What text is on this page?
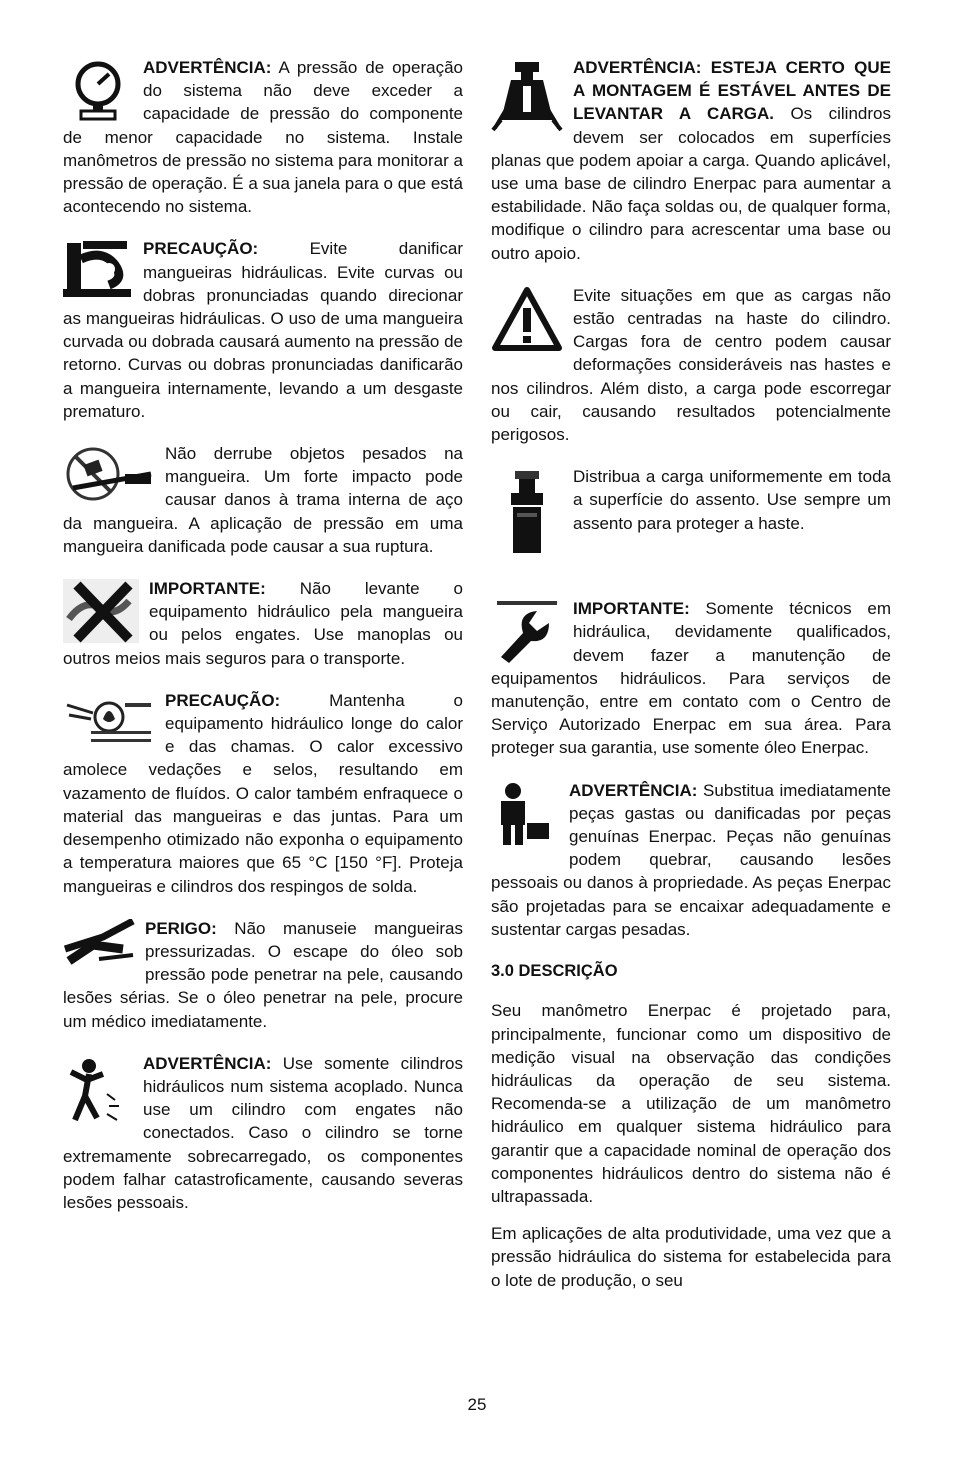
ADVERTÊNCIA: A pressão de operação do sistema não deve exceder a capacidade de pressão do componente de menor capacidade no sistema. Instale manômetros de pressão no sistema para monitorar a pressão de operação. É a sua janela para o que está acontecendo no sistema.

PRECAUÇÃO:	Evite danificar mangueiras hidráulicas. Evite curvas ou dobras pronunciadas quando direcionar as mangueiras hidráulicas. O uso de uma mangueira curvada ou dobrada causará aumento na pressão de retorno. Curvas ou dobras pronunciadas danificarão a mangueira internamente, levando a um desgaste prematuro.

Não derrube objetos pesados na mangueira. Um forte impacto pode causar danos à trama interna de aço da mangueira. A aplicação de pressão em uma mangueira danificada pode causar a sua ruptura.

IMPORTANTE: Não levante o equipamento hidráulico pela mangueira ou pelos engates. Use manoplas ou outros meios mais seguros para o transporte.

PRECAUÇÃO:	Mantenha o equipamento hidráulico longe do calor e das chamas. O calor excessivo amolece vedações e selos, resultando em vazamento de fluídos. O calor também enfraquece o material das mangueiras e das juntas. Para um desempenho otimizado não exponha o equipamento a temperatura maiores que 65 °C [150 °F]. Proteja mangueiras e cilindros dos respingos de solda.

PERIGO: Não manuseie mangueiras pressurizadas. O escape do óleo sob pressão pode penetrar na pele, causando lesões sérias. Se o óleo penetrar na pele, procure um médico imediatamente.

ADVERTÊNCIA: Use somente cilindros hidráulicos num sistema acoplado. Nunca use um cilindro com engates não conectados. Caso o cilindro se torne extremamente sobrecarregado, os componentes podem falhar catastroficamente, causando severas lesões pessoais.

ADVERTÊNCIA: ESTEJA CERTO QUE A MONTAGEM É ESTÁVEL ANTES DE LEVANTAR A CARGA. Os cilindros devem ser colocados em superfícies planas que podem apoiar a carga. Quando aplicável, use uma base de cilindro Enerpac para aumentar a estabilidade. Não faça soldas ou, de qualquer forma, modifique o cilindro para acrescentar uma base ou outro apoio.

Evite situações em que as cargas não estão centradas na haste do cilindro. Cargas fora de centro podem causar deformações consideráveis nas hastes e nos cilindros. Além disto, a carga pode escorregar ou cair, causando resultados potencialmente perigosos.

Distribua a carga uniformemente em toda a superfície do assento. Use sempre um assento para proteger a haste.

IMPORTANTE: Somente técnicos em hidráulica, devidamente qualificados, devem fazer a manutenção de equipamentos hidráulicos. Para serviços de manutenção, entre em contato com o Centro de Serviço Autorizado Enerpac em sua área. Para proteger sua garantia, use somente óleo Enerpac.

ADVERTÊNCIA: Substitua imediatamente peças gastas ou danificadas por peças genuínas Enerpac. Peças não genuínas podem quebrar, causando lesões pessoais ou danos à propriedade. As peças Enerpac são projetadas para se encaixar adequadamente e sustentar cargas pesadas.

3.0 DESCRIÇÃO

Seu manômetro Enerpac é projetado para, principalmente, funcionar como um dispositivo de medição visual na observação das condições hidráulicas da operação de seu sistema. Recomenda-se a utilização de um manômetro hidráulico em qualquer sistema hidráulico para garantir que a capacidade nominal de operação dos componentes hidráulicos dentro do sistema não é ultrapassada.

Em aplicações de alta produtividade, uma vez que a pressão hidráulica do sistema for estabelecida para o lote de produção, o seu

25
